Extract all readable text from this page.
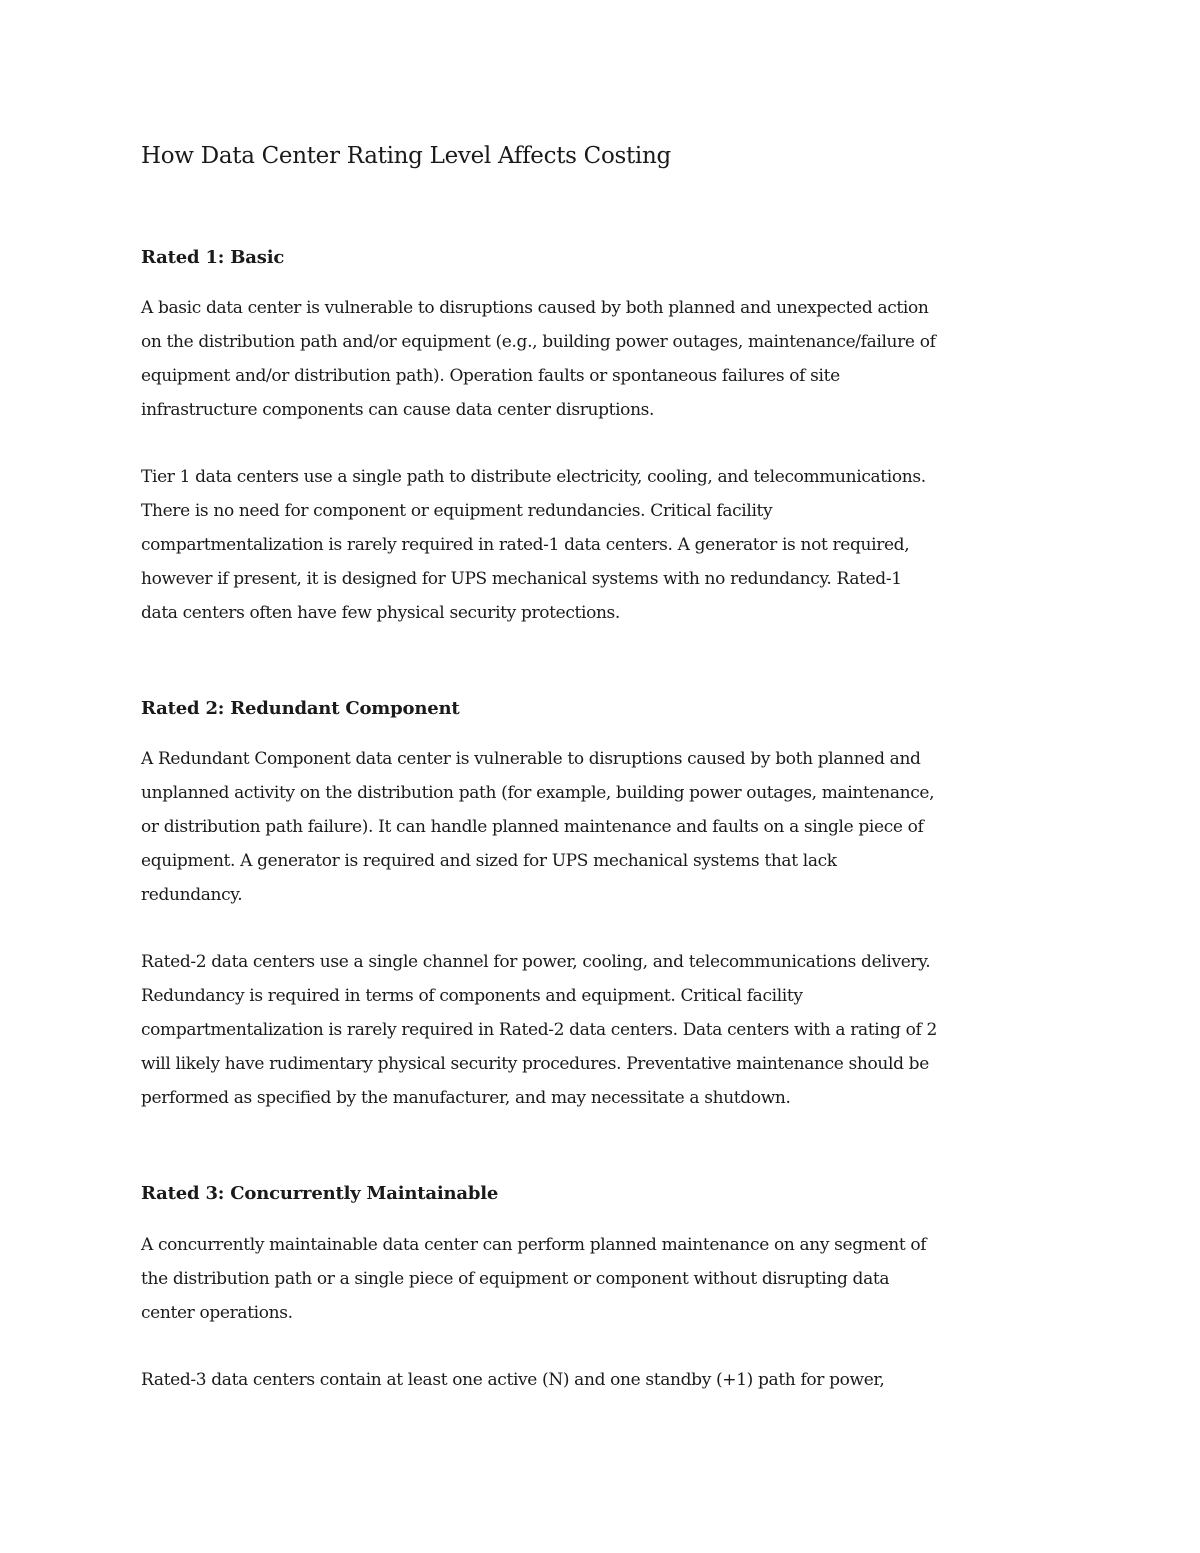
How Data Center Rating Level Affects Costing
Rated 1: Basic

A basic data center is vulnerable to disruptions caused by both planned and unexpected action
on the distribution path and/or equipment (e.g., building power outages, maintenance/failure of
equipment and/or distribution path). Operation faults or spontaneous failures of site
infrastructure components can cause data center disruptions.

Tier 1 data centers use a single path to distribute electricity, cooling, and telecommunications.
There is no need for component or equipment redundancies. Critical facility
compartmentalization is rarely required in rated-1 data centers. A generator is not required,
however if present, it is designed for UPS mechanical systems with no redundancy. Rated-1
data centers often have few physical security protections.

Rated 2: Redundant Component

A Redundant Component data center is vulnerable to disruptions caused by both planned and
unplanned activity on the distribution path (for example, building power outages, maintenance,
or distribution path failure). It can handle planned maintenance and faults on a single piece of
equipment. A generator is required and sized for UPS mechanical systems that lack
redundancy.

Rated-2 data centers use a single channel for power, cooling, and telecommunications delivery.
Redundancy is required in terms of components and equipment. Critical facility
compartmentalization is rarely required in Rated-2 data centers. Data centers with a rating of 2
will likely have rudimentary physical security procedures. Preventative maintenance should be
performed as specified by the manufacturer, and may necessitate a shutdown.

Rated 3: Concurrently Maintainable

A concurrently maintainable data center can perform planned maintenance on any segment of
the distribution path or a single piece of equipment or component without disrupting data
center operations.

Rated-3 data centers contain at least one active (N) and one standby (+1) path for power,
